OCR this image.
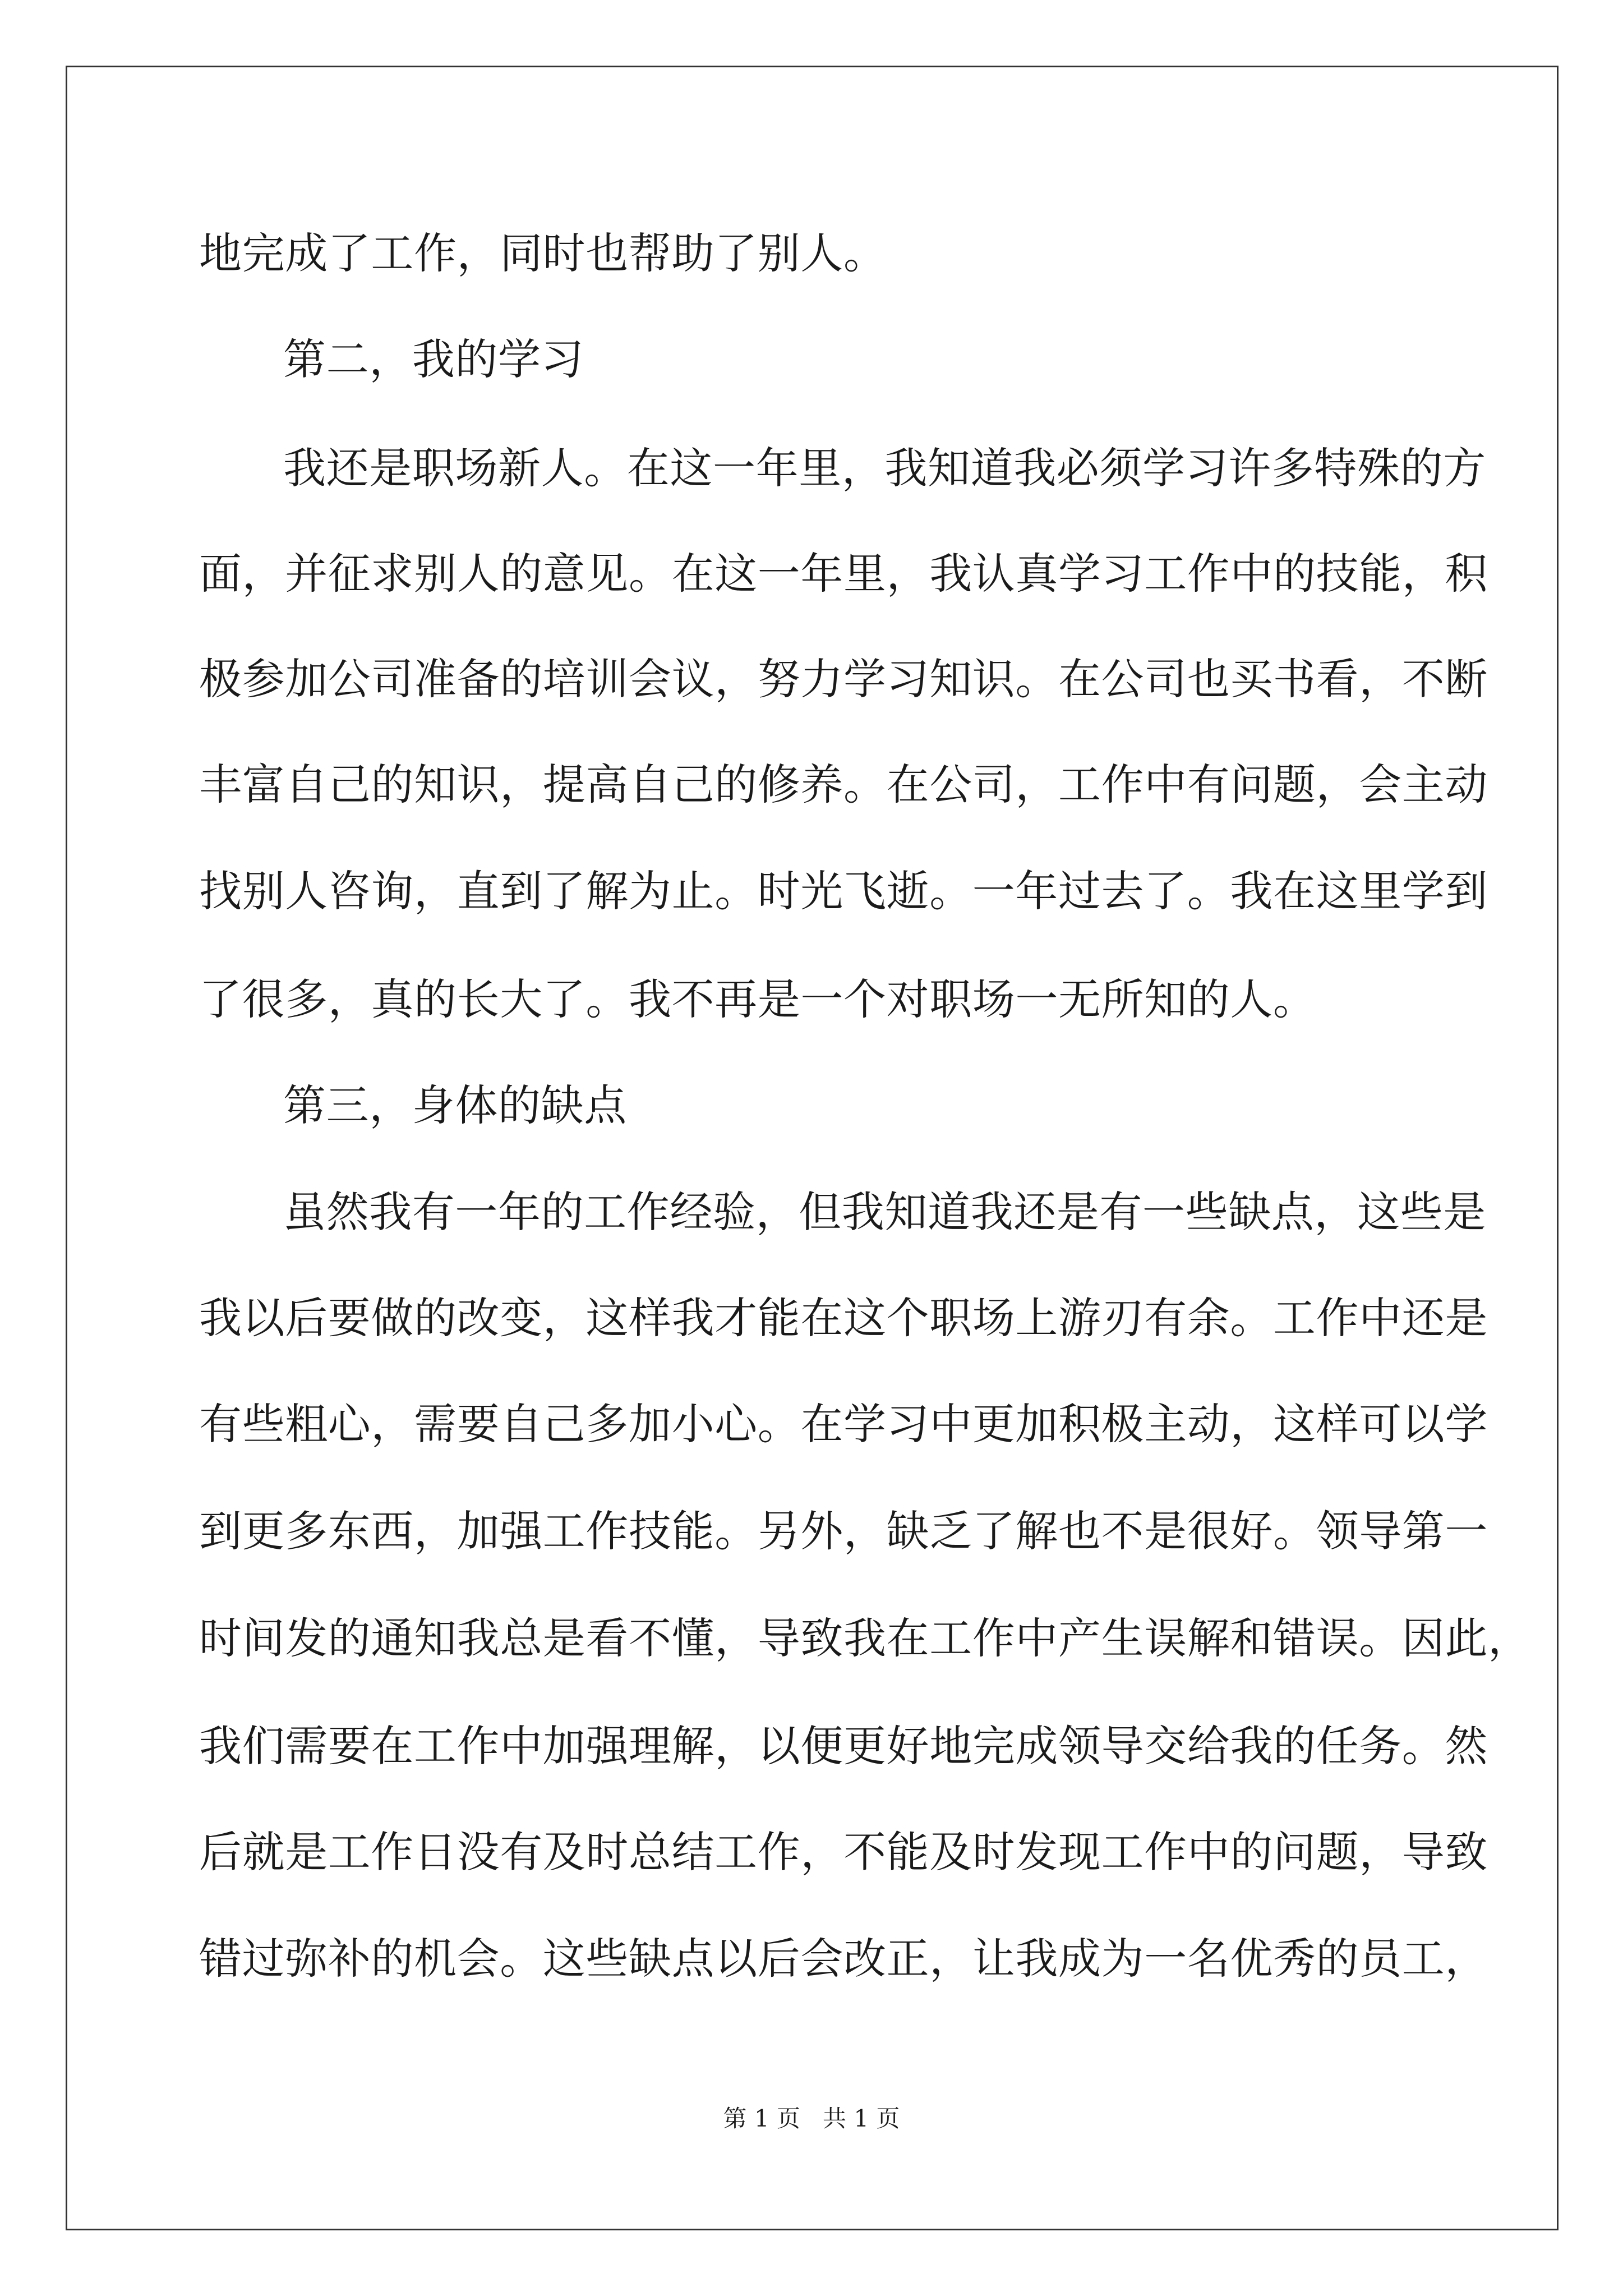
地完成了工作，同时也帮助了别人。
第二，我的学习
我还是职场新人。在这一年里，我知道我必须学习许多特殊的方
面，并征求别人的意见。在这一年里，我认真学习工作中的技能，积
极参加公司准备的培训会议，努力学习知识。在公司也买书看，不断
丰富自己的知识，提高自己的修养。在公司，工作中有问题，会主动
找别人咨询，直到了解为止。时光飞逝。一年过去了。我在这里学到
了很多，真的长大了。我不再是一个对职场一无所知的人。
第三，身体的缺点
虽然我有一年的工作经验，但我知道我还是有一些缺点，这些是
我以后要做的改变，这样我才能在这个职场上游刃有余。工作中还是
有些粗心，需要自己多加小心。在学习中更加积极主动，这样可以学
到更多东西，加强工作技能。另外，缺乏了解也不是很好。领导第一
时间发的通知我总是看不懂，导致我在工作中产生误解和错误。因此，
我们需要在工作中加强理解，以便更好地完成领导交给我的任务。然
后就是工作日没有及时总结工作，不能及时发现工作中的问题，导致
错过弥补的机会。这些缺点以后会改正，让我成为一名优秀的员工，
第 1 页   共 1 页
